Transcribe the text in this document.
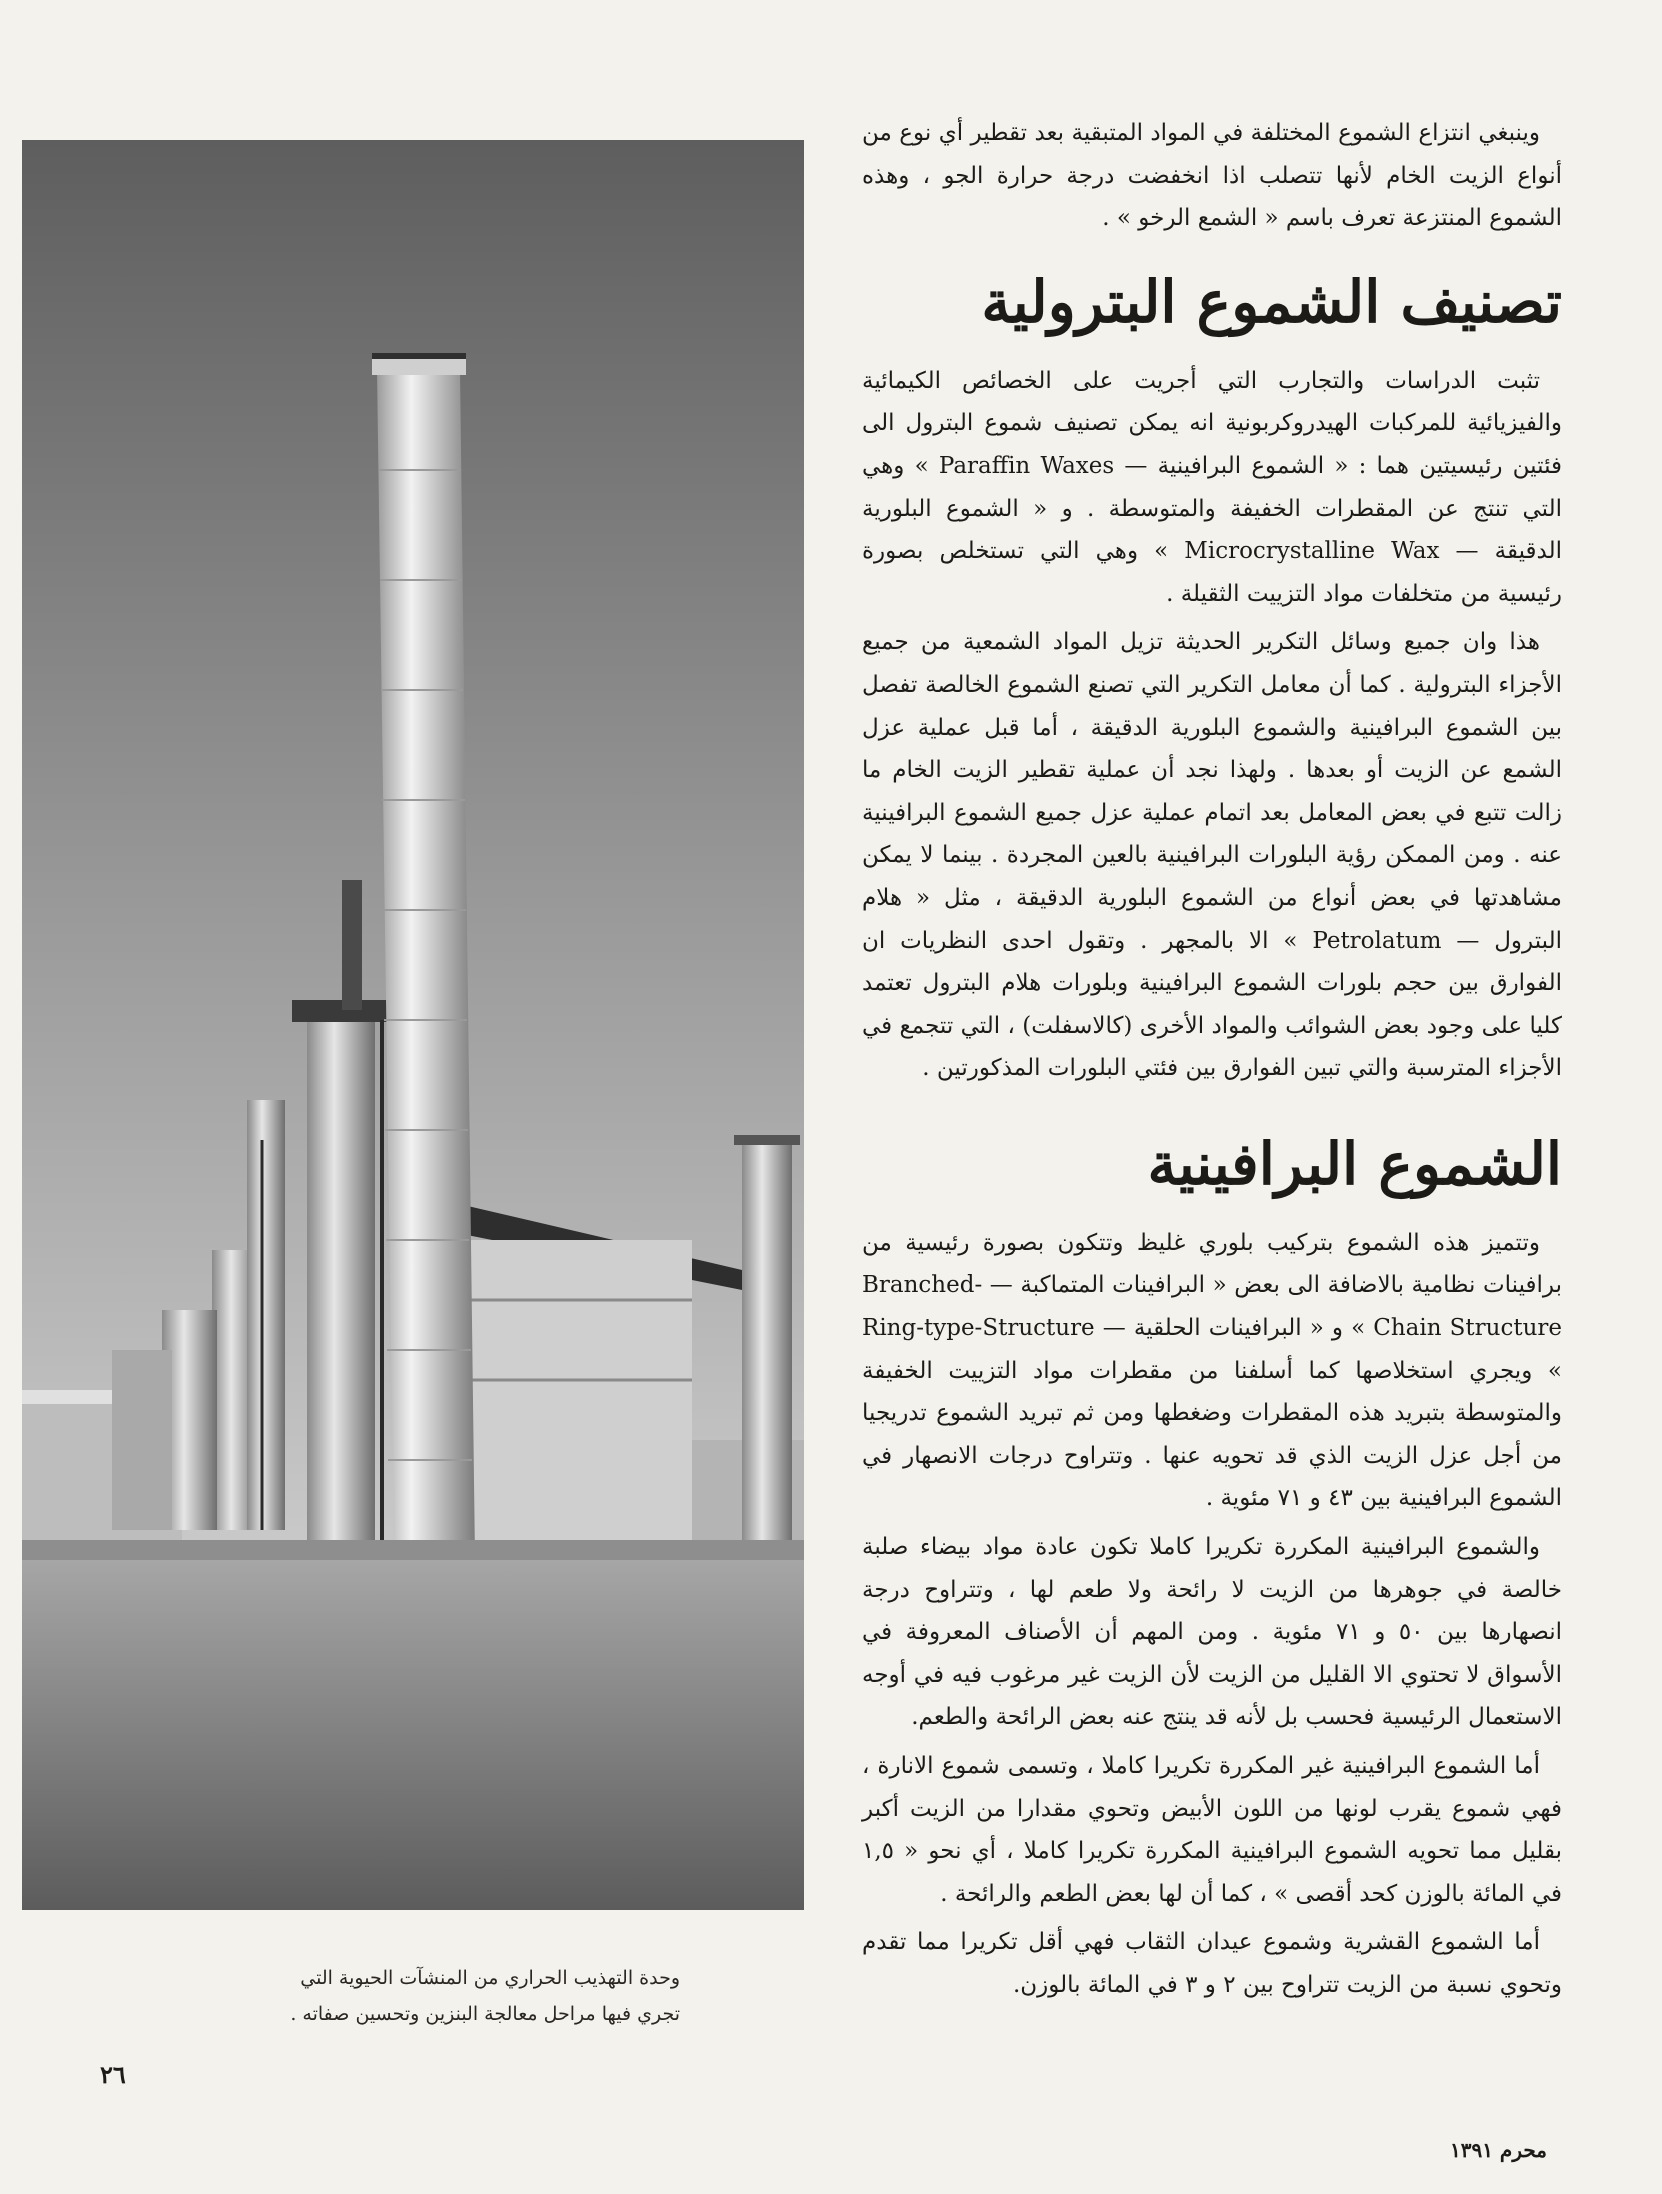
وحدة التهذيب الحراري من المنشآت الحيوية التي

تجري فيها مراحل معالجة البنزين وتحسين صفاته .

٢٦
محرم ١٣٩١

وينبغي انتزاع الشموع المختلفة في المواد المتبقية بعد تقطير أي نوع من أنواع الزيت الخام لأنها تتصلب اذا انخفضت درجة حرارة الجو ، وهذه الشموع المنتزعة تعرف باسم « الشمع الرخو » .

تصنيف الشموع البترولية

تثبت الدراسات والتجارب التي أجريت على الخصائص الكيمائية والفيزيائية للمركبات الهيدروكربونية انه يمكن تصنيف شموع البترول الى فئتين رئيسيتين هما : « الشموع البرافينية — Paraffin Waxes » وهي التي تنتج عن المقطرات الخفيفة والمتوسطة . و « الشموع البلورية الدقيقة — Microcrystalline Wax » وهي التي تستخلص بصورة رئيسية من متخلفات مواد التزييت الثقيلة .

هذا وان جميع وسائل التكرير الحديثة تزيل المواد الشمعية من جميع الأجزاء البترولية . كما أن معامل التكرير التي تصنع الشموع الخالصة تفصل بين الشموع البرافينية والشموع البلورية الدقيقة ، أما قبل عملية عزل الشمع عن الزيت أو بعدها . ولهذا نجد أن عملية تقطير الزيت الخام ما زالت تتبع في بعض المعامل بعد اتمام عملية عزل جميع الشموع البرافينية عنه . ومن الممكن رؤية البلورات البرافينية بالعين المجردة . بينما لا يمكن مشاهدتها في بعض أنواع من الشموع البلورية الدقيقة ، مثل « هلام البترول — Petrolatum » الا بالمجهر . وتقول احدى النظريات ان الفوارق بين حجم بلورات الشموع البرافينية وبلورات هلام البترول تعتمد كليا على وجود بعض الشوائب والمواد الأخرى (كالاسفلت) ، التي تتجمع في الأجزاء المترسبة والتي تبين الفوارق بين فئتي البلورات المذكورتين .

الشموع البرافينية

وتتميز هذه الشموع بتركيب بلوري غليظ وتتكون بصورة رئيسية من برافينات نظامية بالاضافة الى بعض « البرافينات المتماكبة — Branched-Chain Structure » و « البرافينات الحلقية — Ring-type-Structure » ويجري استخلاصها كما أسلفنا من مقطرات مواد التزييت الخفيفة والمتوسطة بتبريد هذه المقطرات وضغطها ومن ثم تبريد الشموع تدريجيا من أجل عزل الزيت الذي قد تحويه عنها . وتتراوح درجات الانصهار في الشموع البرافينية بين ٤٣ و ٧١ مئوية .

والشموع البرافينية المكررة تكريرا كاملا تكون عادة مواد بيضاء صلبة خالصة في جوهرها من الزيت لا رائحة ولا طعم لها ، وتتراوح درجة انصهارها بين ٥٠ و ٧١ مئوية . ومن المهم أن الأصناف المعروفة في الأسواق لا تحتوي الا القليل من الزيت لأن الزيت غير مرغوب فيه في أوجه الاستعمال الرئيسية فحسب بل لأنه قد ينتج عنه بعض الرائحة والطعم.

أما الشموع البرافينية غير المكررة تكريرا كاملا ، وتسمى شموع الانارة ، فهي شموع يقرب لونها من اللون الأبيض وتحوي مقدارا من الزيت أكبر بقليل مما تحويه الشموع البرافينية المكررة تكريرا كاملا ، أي نحو « ١,٥ في المائة بالوزن كحد أقصى » ، كما أن لها بعض الطعم والرائحة .

أما الشموع القشرية وشموع عيدان الثقاب فهي أقل تكريرا مما تقدم وتحوي نسبة من الزيت تتراوح بين ٢ و ٣ في المائة بالوزن.
